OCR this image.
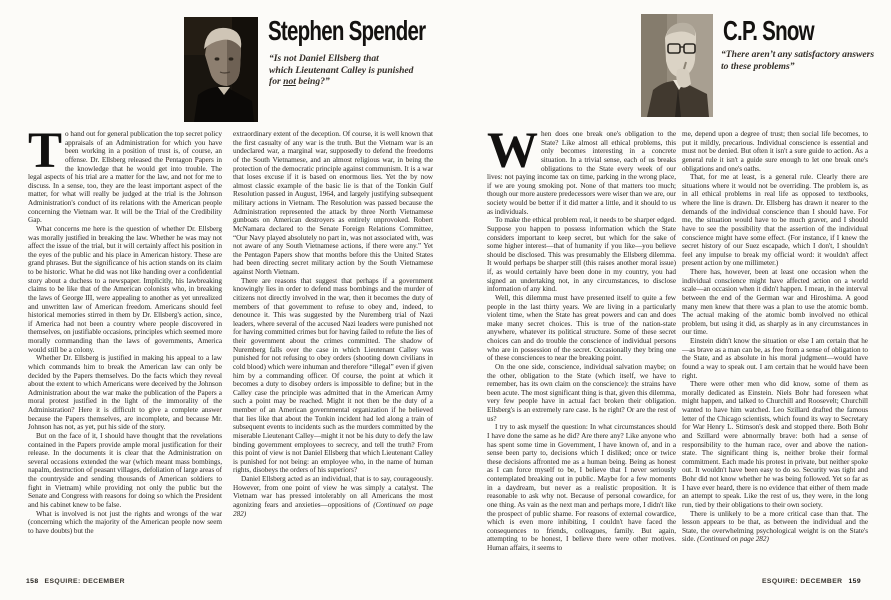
Stephen Spender
“Is not Daniel Ellsberg that
which Lieutenant Calley is punished
for not being?”

To hand out for general publication the top secret policy appraisals of an Administration for which you have been working in a position of trust is, of course, an offense. Dr. Ellsberg released the Pentagon Papers in the knowledge that he would get into trouble. The legal aspects of his trial are a matter for the law, and not for me to discuss. In a sense, too, they are the least important aspect of the matter, for what will really be judged at the trial is the Johnson Administration's conduct of its relations with the American people concerning the Vietnam war. It will be the Trial of the Credibility Gap.

What concerns me here is the question of whether Dr. Ellsberg was morally justified in breaking the law. Whether he was may not affect the issue of the trial, but it will certainly affect his position in the eyes of the public and his place in American history. These are grand phrases. But the significance of his action stands on its claim to be historic. What he did was not like handing over a confidential story about a duchess to a newspaper. Implicitly, his lawbreaking claims to be like that of the American colonists who, in breaking the laws of George III, were appealing to another as yet unrealized and unwritten law of American freedom. Americans should feel historical memories stirred in them by Dr. Ellsberg's action, since, if America had not been a country where people discovered in themselves, on justifiable occasions, principles which seemed more morally commanding than the laws of governments, America would still be a colony.

Whether Dr. Ellsberg is justified in making his appeal to a law which commands him to break the American law can only be decided by the Papers themselves. Do the facts which they reveal about the extent to which Americans were deceived by the Johnson Administration about the war make the publication of the Papers a moral protest justified in the light of the immorality of the Administration? Here it is difficult to give a complete answer because the Papers themselves, are incomplete, and because Mr. Johnson has not, as yet, put his side of the story.

But on the face of it, I should have thought that the revelations contained in the Papers provide ample moral justification for their release. In the documents it is clear that the Administration on several occasions extended the war (which meant mass bombings, napalm, destruction of peasant villages, defoliation of large areas of the countryside and sending thousands of American soldiers to fight in Vietnam) while providing not only the public but the Senate and Congress with reasons for doing so which the President and his cabinet knew to be false.

What is involved is not just the rights and wrongs of the war (concerning which the majority of the American people now seem to have doubts) but the

extraordinary extent of the deception. Of course, it is well known that the first casualty of any war is the truth. But the Vietnam war is an undeclared war, a marginal war, supposedly to defend the freedoms of the South Vietnamese, and an almost religious war, in being the protection of the democratic principle against communism. It is a war that loses excuse if it is based on enormous lies. Yet the by now almost classic example of the basic lie is that of the Tonkin Gulf Resolution passed in August, 1964, and largely justifying subsequent military actions in Vietnam. The Resolution was passed because the Administration represented the attack by three North Vietnamese gunboats on American destroyers as entirely unprovoked. Robert McNamara declared to the Senate Foreign Relations Committee, “Our Navy played absolutely no part in, was not associated with, was not aware of any South Vietnamese actions, if there were any.” Yet the Pentagon Papers show that months before this the United States had been directing secret military action by the South Vietnamese against North Vietnam.

There are reasons that suggest that perhaps if a government knowingly lies in order to defend mass bombings and the murder of citizens not directly involved in the war, then it becomes the duty of members of that government to refuse to obey and, indeed, to denounce it. This was suggested by the Nuremberg trial of Nazi leaders, where several of the accused Nazi leaders were punished not for having committed crimes but for having failed to refute the lies of their government about the crimes committed. The shadow of Nuremberg falls over the case in which Lieutenant Calley was punished for not refusing to obey orders (shooting down civilians in cold blood) which were inhuman and therefore “illegal” even if given him by a commanding officer. Of course, the point at which it becomes a duty to disobey orders is impossible to define; but in the Calley case the principle was admitted that in the American Army such a point may be reached. Might it not then be the duty of a member of an American governmental organization if he believed that lies like that about the Tonkin incident had led along a train of subsequent events to incidents such as the murders committed by the miserable Lieutenant Calley—might it not be his duty to defy the law binding government employees to secrecy, and tell the truth? From this point of view is not Daniel Ellsberg that which Lieutenant Calley is punished for not being: an employee who, in the name of human rights, disobeys the orders of his superiors?

Daniel Ellsberg acted as an individual, that is to say, courageously. However, from one point of view he was simply a catalyst. The Vietnam war has pressed intolerably on all Americans the most agonizing fears and anxieties—oppositions of (Continued on page 282)

158 ESQUIRE: DECEMBER
C.P. Snow
“There aren’t any satisfactory answers
to these problems”

When does one break one's obligation to the State? Like almost all ethical problems, this only becomes interesting in a concrete situation. In a trivial sense, each of us breaks obligations to the State every week of our lives: not paying income tax on time, parking in the wrong place, if we are young smoking pot. None of that matters too much; though our more austere predecessors were wiser than we are, our society would be better if it did matter a little, and it should to us as individuals.

To make the ethical problem real, it needs to be sharper edged. Suppose you happen to possess information which the State considers important to keep secret, but which for the sake of some higher interest—that of humanity if you like—you believe should be disclosed. This was presumably the Ellsberg dilemma. It would perhaps be sharper still (this raises another moral issue) if, as would certainly have been done in my country, you had signed an undertaking not, in any circumstances, to disclose information of any kind.

Well, this dilemma must have presented itself to quite a few people in the last thirty years. We are living in a particularly violent time, when the State has great powers and can and does make many secret choices. This is true of the nation-state anywhere, whatever its political structure. Some of these secret choices can and do trouble the conscience of individual persons who are in possession of the secret. Occasionally they bring one of these consciences to near the breaking point.

On the one side, conscience, individual salvation maybe; on the other, obligation to the State (which itself, we have to remember, has its own claim on the conscience): the strains have been acute. The most significant thing is that, given this dilemma, very few people have in actual fact broken their obligation. Ellsberg's is an extremely rare case. Is he right? Or are the rest of us?

I try to ask myself the question: In what circumstances should I have done the same as he did? Are there any? Like anyone who has spent some time in Government, I have known of, and in a sense been party to, decisions which I disliked; once or twice these decisions affronted me as a human being. Being as honest as I can force myself to be, I believe that I never seriously contemplated breaking out in public. Maybe for a few moments in a daydream, but never as a realistic proposition. It is reasonable to ask why not. Because of personal cowardice, for one thing. As vain as the next man and perhaps more, I didn't like the prospect of public shame. For reasons of external cowardice, which is even more inhibiting, I couldn't have faced the consequences to friends, colleagues, family. But again, attempting to be honest, I believe there were other motives. Human affairs, it seems to

me, depend upon a degree of trust; then social life becomes, to put it mildly, precarious. Individual conscience is essential and must not be denied. But often it isn't a sure guide to action. As a general rule it isn't a guide sure enough to let one break one's obligations and one's oaths.

That, for me at least, is a general rule. Clearly there are situations where it would not be overriding. The problem is, as in all ethical problems in real life as opposed to textbooks, where the line is drawn. Dr. Ellsberg has drawn it nearer to the demands of the individual conscience than I should have. For me, the situation would have to be much graver, and I should have to see the possibility that the assertion of the individual conscience might have some effect. (For instance, if I knew the secret history of our Suez escapade, which I don't, I shouldn't feel any impulse to break my official word: it wouldn't affect present action by one millimeter.)

There has, however, been at least one occasion when the individual conscience might have affected action on a world scale—an occasion when it didn't happen. I mean, in the interval between the end of the German war and Hiroshima. A good many men knew that there was a plan to use the atomic bomb. The actual making of the atomic bomb involved no ethical problem, but using it did, as sharply as in any circumstances in our time.

Einstein didn't know the situation or else I am certain that he—as brave as a man can be, as free from a sense of obligation to the State, and as absolute in his moral judgment—would have found a way to speak out. I am certain that he would have been right.

There were other men who did know, some of them as morally dedicated as Einstein. Niels Bohr had foreseen what might happen, and talked to Churchill and Roosevelt; Churchill wanted to have him watched. Leo Szillard drafted the famous letter of the Chicago scientists, which found its way to Secretary for War Henry L. Stimson's desk and stopped there. Both Bohr and Szillard were abnormally brave: both had a sense of responsibility to the human race, over and above the nation-state. The significant thing is, neither broke their formal commitment. Each made his protest in private, but neither spoke out. It wouldn't have been easy to do so. Security was tight and Bohr did not know whether he was being followed. Yet so far as I have ever heard, there is no evidence that either of them made an attempt to speak. Like the rest of us, they were, in the long run, tied by their obligations to their own society.

There is unlikely to be a more critical case than that. The lesson appears to be that, as between the individual and the State, the overwhelming psychological weight is on the State's side. (Continued on page 282)

ESQUIRE: DECEMBER 159
